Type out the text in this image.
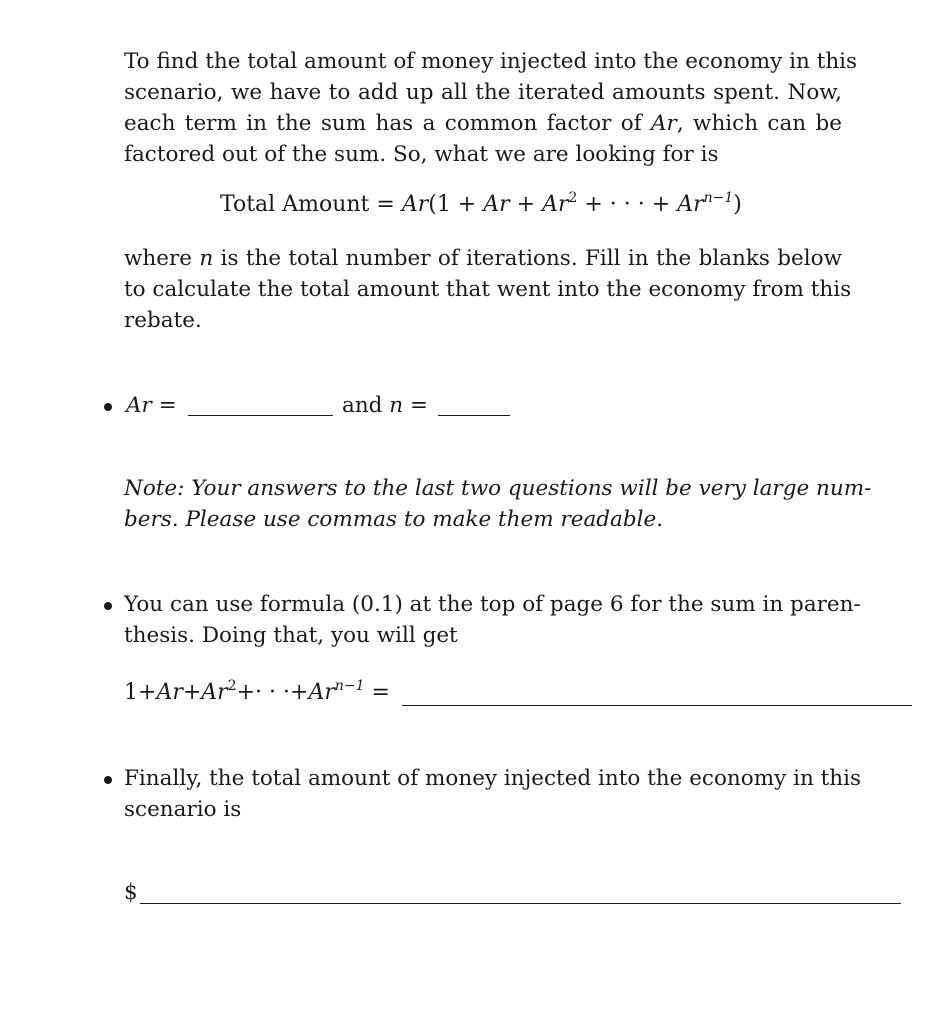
To find the total amount of money injected into the economy in this
scenario, we have to add up all the iterated amounts spent. Now,
each term in the sum has a common factor of Ar, which can be
factored out of the sum. So, what we are looking for is
Total Amount = $Ar(1 + Ar + Ar^2$ + · · · + $Ar^{n-1}$)
where n is the total number of iterations. Fill in the blanks below
to calculate the total amount that went into the economy from this
rebate.
Ar =	and n =
Note: Your answers to the last two questions will be very large num-
bers. Please use commas to make them readable.
You can use formula (0.1) at the top of page 6 for the sum in paren-
thesis. Doing that, you will get
$1+Ar+Ar^2+\cdot \cdot \cdot+Ar^{n-1}$ =
Finally, the total amount of money injected into the economy in this
scenario is
$
